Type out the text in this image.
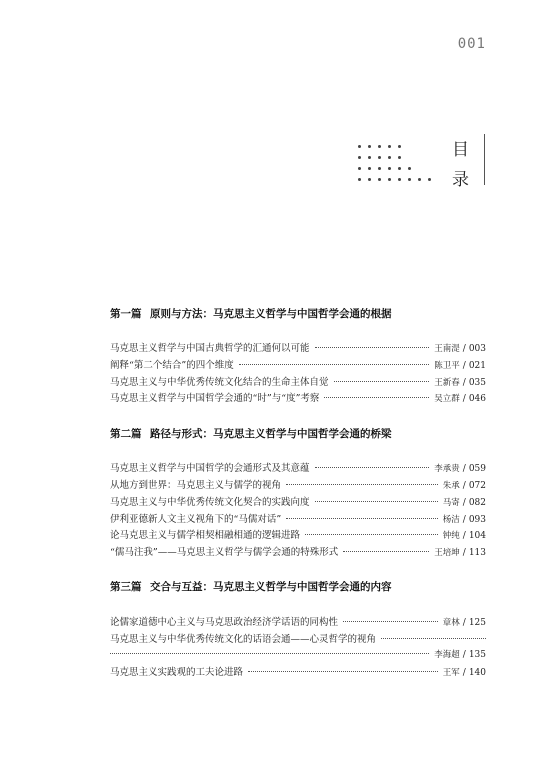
001
目
录
第一篇 原则与方法：马克思主义哲学与中国哲学会通的根据
马克思主义哲学与中国古典哲学的汇通何以可能	王南湜 / 003
阐释“第二个结合”的四个维度	陈卫平 / 021
马克思主义与中华优秀传统文化结合的生命主体自觉	王新春 / 035
马克思主义哲学与中国哲学会通的“时”与“度”考察	吴立群 / 046
第二篇 路径与形式：马克思主义哲学与中国哲学会通的桥梁
马克思主义哲学与中国哲学的会通形式及其意蕴	李承贵 / 059
从地方到世界：马克思主义与儒学的视角	朱承 / 072
马克思主义与中华优秀传统文化契合的实践向度	马寄 / 082
伊利亚德新人文主义视角下的“马儒对话”	杨洁 / 093
论马克思主义与儒学相契相融相通的逻辑进路	钟纯 / 104
“儒马注我”——马克思主义哲学与儒学会通的特殊形式	王培坤 / 113
第三篇 交合与互益：马克思主义哲学与中国哲学会通的内容
论儒家道德中心主义与马克思政治经济学话语的同构性	章林 / 125
马克思主义与中华优秀传统文化的话语会通——心灵哲学的视角
李海超 / 135
马克思主义实践观的工夫论进路	王军 / 140
